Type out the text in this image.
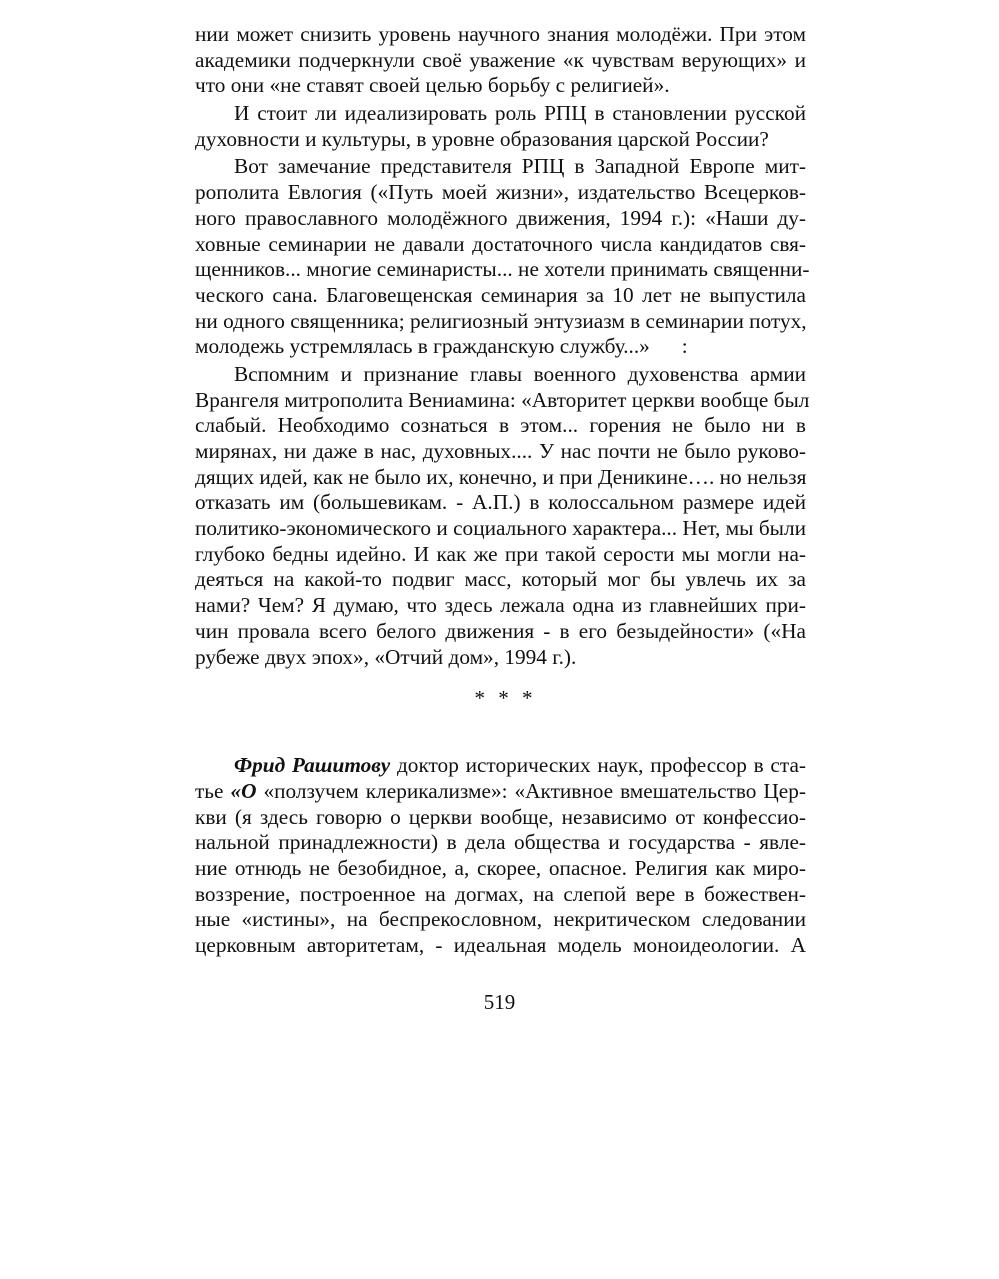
нии может снизить уровень научного знания молодёжи. При этом
академики подчеркнули своё уважение «к чувствам верующих» и
что они «не ставят своей целью борьбу с религией».
И стоит ли идеализировать роль РПЦ в становлении русской
духовности и культуры, в уровне образования царской России?
Вот замечание представителя РПЦ в Западной Европе мит-
рополита Евлогия («Путь моей жизни», издательство Всецерков-
ного православного молодёжного движения, 1994 г.): «Наши ду-
ховные семинарии не давали достаточного числа кандидатов свя-
щенников... многие семинаристы... не хотели принимать священни-
ческого сана. Благовещенская семинария за 10 лет не выпустила
ни одного священника; религиозный энтузиазм в семинарии потух,
молодежь устремлялась в гражданскую службу...»      :
Вспомним и признание главы военного духовенства армии
Врангеля митрополита Вениамина: «Авторитет церкви вообще был
слабый. Необходимо сознаться в этом... горения не было ни в
мирянах, ни даже в нас, духовных.... У нас почти не было руково-
дящих идей, как не было их, конечно, и при Деникине…. но нельзя
отказать им (большевикам. - А.П.) в колоссальном размере идей
политико-экономического и социального характера... Нет, мы были
глубоко бедны идейно. И как же при такой серости мы могли на-
деяться на какой-то подвиг масс, который мог бы увлечь их за
нами? Чем? Я думаю, что здесь лежала одна из главнейших при-
чин провала всего белого движения - в его безыдейности» («На
рубеже двух эпох», «Отчий дом», 1994 г.).
* * *
Фрид Рашитову доктор исторических наук, профессор в ста-
тье «О «ползучем клерикализме»: «Активное вмешательство Цер-
кви (я здесь говорю о церкви вообще, независимо от конфессио-
нальной принадлежности) в дела общества и государства - явле-
ние отнюдь не безобидное, а, скорее, опасное. Религия как миро-
воззрение, построенное на догмах, на слепой вере в божествен-
ные «истины», на беспрекословном, некритическом следовании
церковным авторитетам, - идеальная модель моноидеологии. А
519
